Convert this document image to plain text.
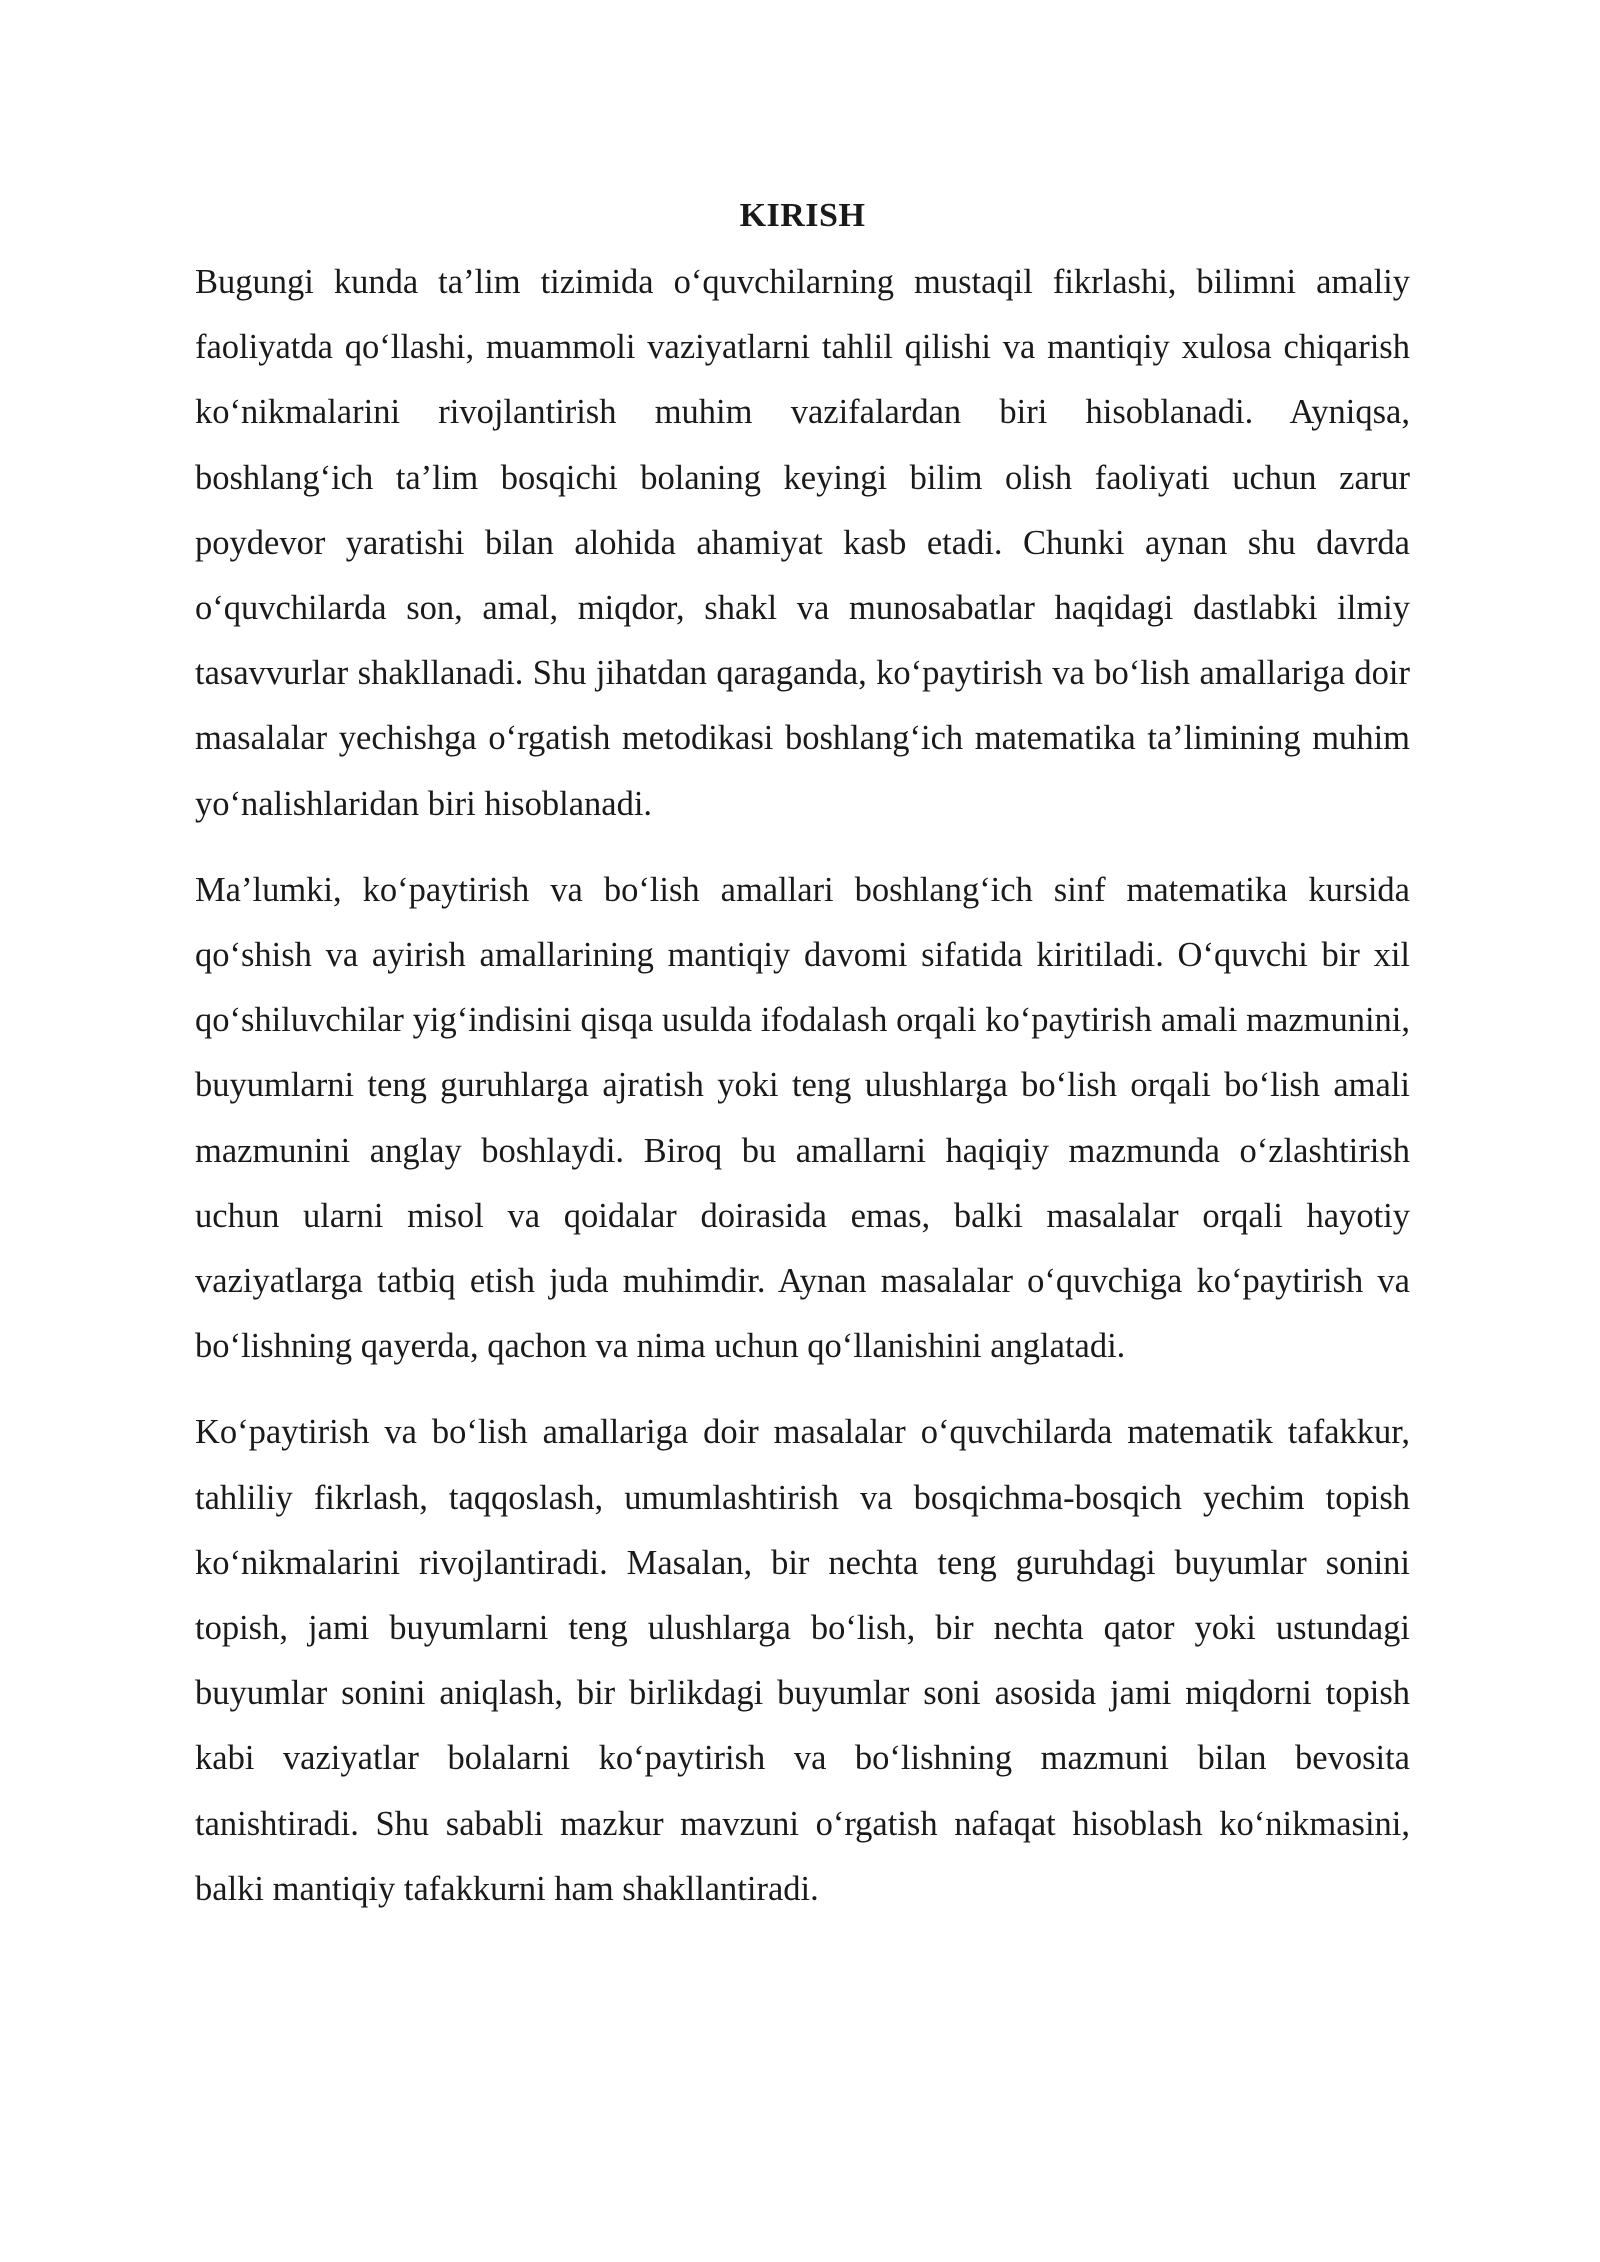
KIRISH

Bugungi kunda ta’lim tizimida o‘quvchilarning mustaqil fikrlashi, bilimni amaliy faoliyatda qo‘llashi, muammoli vaziyatlarni tahlil qilishi va mantiqiy xulosa chiqarish ko‘nikmalarini rivojlantirish muhim vazifalardan biri hisoblanadi. Ayniqsa, boshlang‘ich ta’lim bosqichi bolaning keyingi bilim olish faoliyati uchun zarur poydevor yaratishi bilan alohida ahamiyat kasb etadi. Chunki aynan shu davrda o‘quvchilarda son, amal, miqdor, shakl va munosabatlar haqidagi dastlabki ilmiy tasavvurlar shakllanadi. Shu jihatdan qaraganda, ko‘paytirish va bo‘lish amallariga doir masalalar yechishga o‘rgatish metodikasi boshlang‘ich matematika ta’limining muhim yo‘nalishlaridan biri hisoblanadi.

Ma’lumki, ko‘paytirish va bo‘lish amallari boshlang‘ich sinf matematika kursida qo‘shish va ayirish amallarining mantiqiy davomi sifatida kiritiladi. O‘quvchi bir xil qo‘shiluvchilar yig‘indisini qisqa usulda ifodalash orqali ko‘paytirish amali mazmunini, buyumlarni teng guruhlarga ajratish yoki teng ulushlarga bo‘lish orqali bo‘lish amali mazmunini anglay boshlaydi. Biroq bu amallarni haqiqiy mazmunda o‘zlashtirish uchun ularni misol va qoidalar doirasida emas, balki masalalar orqali hayotiy vaziyatlarga tatbiq etish juda muhimdir. Aynan masalalar o‘quvchiga ko‘paytirish va bo‘lishning qayerda, qachon va nima uchun qo‘llanishini anglatadi.

Ko‘paytirish va bo‘lish amallariga doir masalalar o‘quvchilarda matematik tafakkur, tahliliy fikrlash, taqqoslash, umumlashtirish va bosqichma-bosqich yechim topish ko‘nikmalarini rivojlantiradi. Masalan, bir nechta teng guruhdagi buyumlar sonini topish, jami buyumlarni teng ulushlarga bo‘lish, bir nechta qator yoki ustundagi buyumlar sonini aniqlash, bir birlikdagi buyumlar soni asosida jami miqdorni topish kabi vaziyatlar bolalarni ko‘paytirish va bo‘lishning mazmuni bilan bevosita tanishtiradi. Shu sababli mazkur mavzuni o‘rgatish nafaqat hisoblash ko‘nikmasini, balki mantiqiy tafakkurni ham shakllantiradi.
